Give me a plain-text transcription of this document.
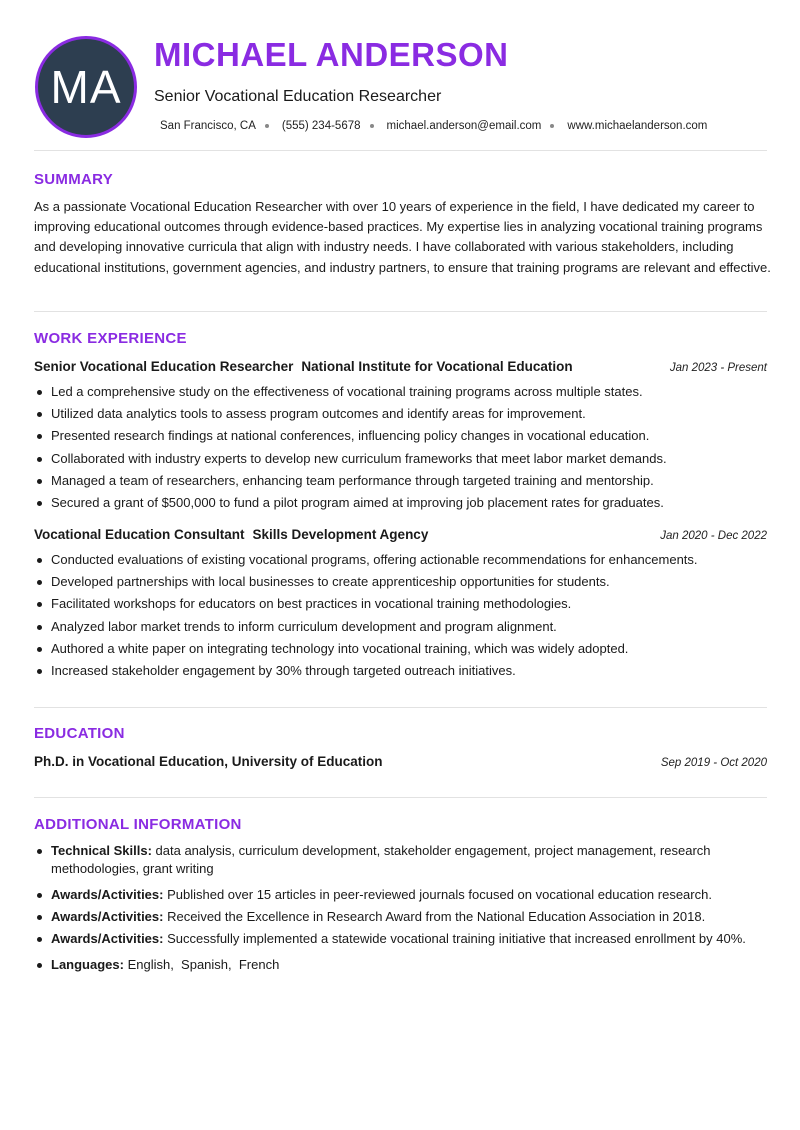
MA
MICHAEL ANDERSON
Senior Vocational Education Researcher
San Francisco, CA (555) 234-5678 michael.anderson@email.com www.michaelanderson.com
SUMMARY
As a passionate Vocational Education Researcher with over 10 years of experience in the field, I have dedicated my career to improving educational outcomes through evidence-based practices. My expertise lies in analyzing vocational training programs and developing innovative curricula that align with industry needs. I have collaborated with various stakeholders, including educational institutions, government agencies, and industry partners, to ensure that training programs are relevant and effective.
WORK EXPERIENCE
Senior Vocational Education Researcher National Institute for Vocational Education	Jan 2023 - Present
Led a comprehensive study on the effectiveness of vocational training programs across multiple states.
Utilized data analytics tools to assess program outcomes and identify areas for improvement.
Presented research findings at national conferences, influencing policy changes in vocational education.
Collaborated with industry experts to develop new curriculum frameworks that meet labor market demands.
Managed a team of researchers, enhancing team performance through targeted training and mentorship.
Secured a grant of $500,000 to fund a pilot program aimed at improving job placement rates for graduates.
Vocational Education Consultant Skills Development Agency	Jan 2020 - Dec 2022
Conducted evaluations of existing vocational programs, offering actionable recommendations for enhancements.
Developed partnerships with local businesses to create apprenticeship opportunities for students.
Facilitated workshops for educators on best practices in vocational training methodologies.
Analyzed labor market trends to inform curriculum development and program alignment.
Authored a white paper on integrating technology into vocational training, which was widely adopted.
Increased stakeholder engagement by 30% through targeted outreach initiatives.
EDUCATION
Ph.D. in Vocational Education, University of Education	Sep 2019 - Oct 2020
ADDITIONAL INFORMATION
Technical Skills: data analysis, curriculum development, stakeholder engagement, project management, research methodologies, grant writing
Awards/Activities: Published over 15 articles in peer-reviewed journals focused on vocational education research.
Awards/Activities: Received the Excellence in Research Award from the National Education Association in 2018.
Awards/Activities: Successfully implemented a statewide vocational training initiative that increased enrollment by 40%.
Languages: English,  Spanish,  French
